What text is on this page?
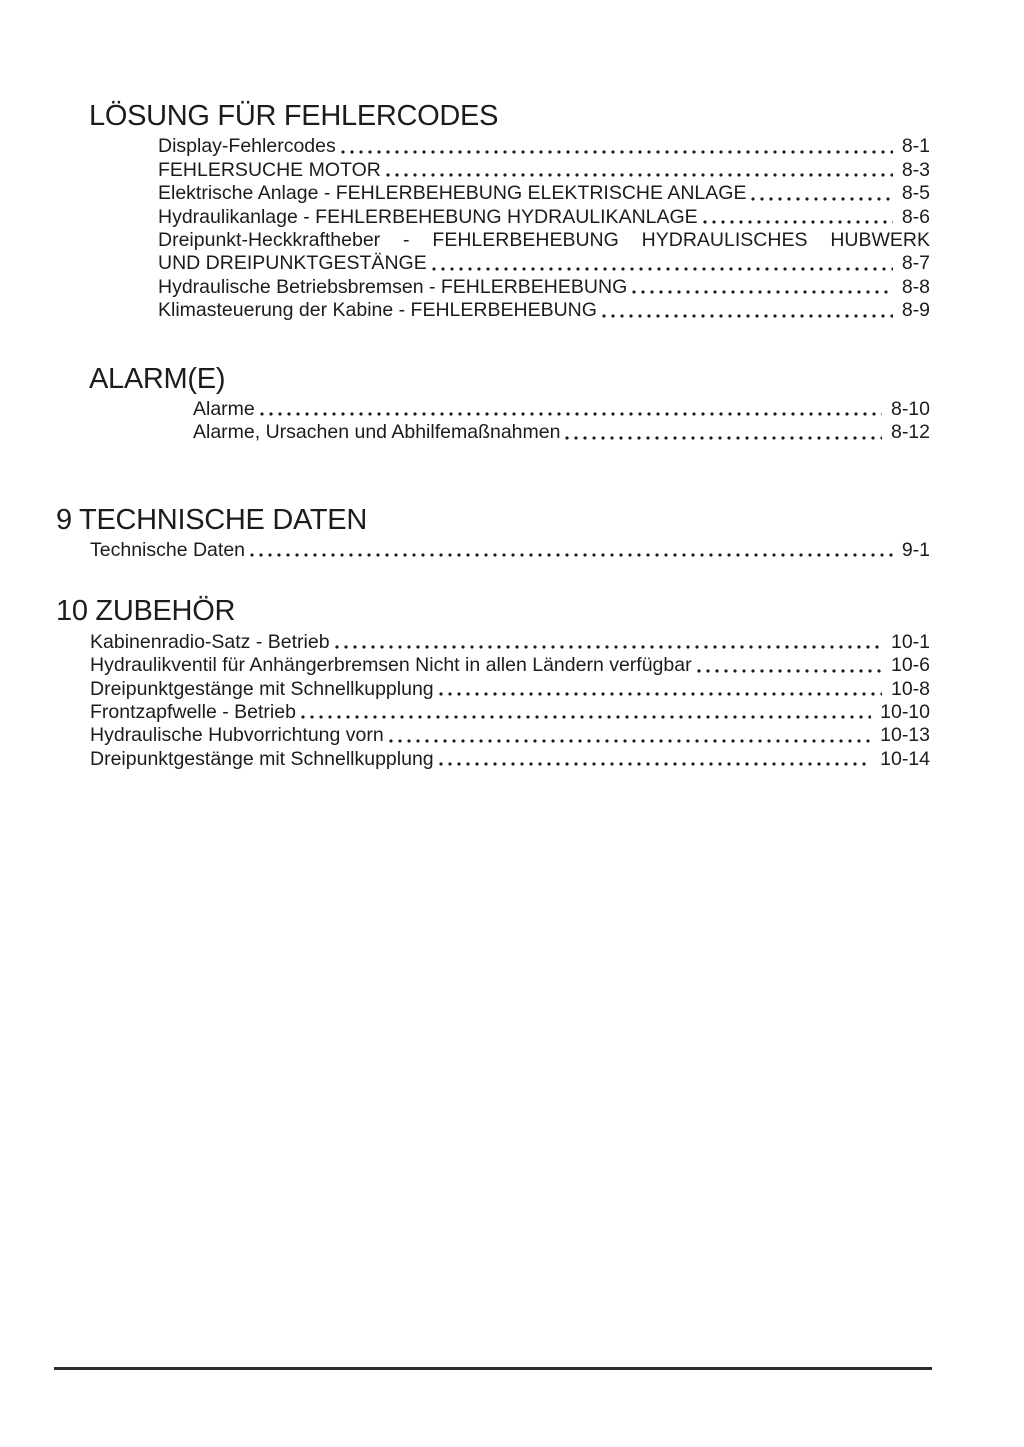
LÖSUNG FÜR FEHLERCODES
Display-Fehlercodes	8-1
FEHLERSUCHE MOTOR	8-3
Elektrische Anlage - FEHLERBEHEBUNG ELEKTRISCHE ANLAGE	8-5
Hydraulikanlage - FEHLERBEHEBUNG HYDRAULIKANLAGE	8-6
Dreipunkt-Heckkraftheber - FEHLERBEHEBUNG HYDRAULISCHES HUBWERK
UND DREIPUNKTGESTÄNGE	8-7
Hydraulische Betriebsbremsen - FEHLERBEHEBUNG	8-8
Klimasteuerung der Kabine - FEHLERBEHEBUNG	8-9
ALARM(E)
Alarme	8-10
Alarme, Ursachen und Abhilfemaßnahmen	8-12
9 TECHNISCHE DATEN
Technische Daten	9-1
10 ZUBEHÖR
Kabinenradio-Satz - Betrieb	10-1
Hydraulikventil für Anhängerbremsen Nicht in allen Ländern verfügbar	10-6
Dreipunktgestänge mit Schnellkupplung	10-8
Frontzapfwelle - Betrieb	10-10
Hydraulische Hubvorrichtung vorn	10-13
Dreipunktgestänge mit Schnellkupplung	10-14
